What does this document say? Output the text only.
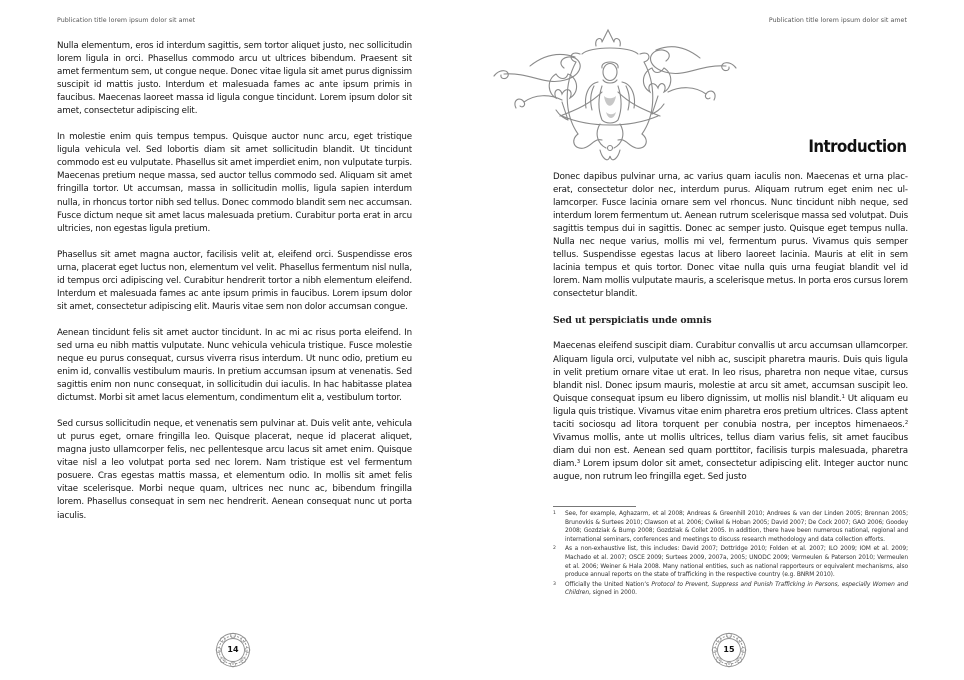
Publication title lorem ipsum dolor sit amet

Nulla elementum, eros id interdum sagittis, sem tortor aliquet justo, nec sollicitudin lorem ligula in orci. Phasellus commodo arcu ut ultrices bibendum. Praesent sit amet fermentum sem, ut congue neque. Donec vitae ligula sit amet purus dignissim suscipit id mattis justo. Interdum et malesuada fames ac ante ipsum primis in faucibus. Maecenas laoreet massa id ligula congue tincidunt. Lorem ipsum dolor sit amet, consectetur adipiscing elit.

In molestie enim quis tempus tempus. Quisque auctor nunc arcu, eget tristique ligula vehicula vel. Sed lobortis diam sit amet sollicitudin blandit. Ut tincidunt commodo est eu vulputate. Phasellus sit amet imperdiet enim, non vulputate turpis. Maecenas pretium neque massa, sed auctor tellus commodo sed. Aliquam sit amet fringilla tortor. Ut accumsan, massa in sollicitudin mollis, ligula sapien interdum nulla, in rhoncus tortor nibh sed tellus. Donec commodo blandit sem nec accumsan. Fusce dictum neque sit amet lacus malesuada pretium. Curabitur porta erat in arcu ultricies, non egestas ligula pretium.

Phasellus sit amet magna auctor, facilisis velit at, eleifend orci. Suspendisse eros urna, placerat eget luctus non, elementum vel velit. Phasellus fermentum nisl nulla, id tempus orci adipiscing vel. Curabitur hendrerit tortor a nibh elementum eleifend. Interdum et malesuada fames ac ante ipsum primis in faucibus. Lorem ipsum dolor sit amet, consectetur adipiscing elit. Mauris vitae sem non dolor accumsan congue.

Aenean tincidunt felis sit amet auctor tincidunt. In ac mi ac risus porta eleifend. In sed urna eu nibh mattis vulputate. Nunc vehicula vehicula tristique. Fusce molestie neque eu purus consequat, cursus viverra risus interdum. Ut nunc odio, pretium eu enim id, convallis vestibulum mauris. In pretium accumsan ipsum at venenatis. Sed sagittis enim non nunc consequat, in sollicitudin dui iaculis. In hac habitasse platea dictumst. Morbi sit amet lacus elementum, condimentum elit a, vestibulum tortor.

Sed cursus sollicitudin neque, et venenatis sem pulvinar at. Duis velit ante, vehicula ut purus eget, ornare fringilla leo. Quisque placerat, neque id placerat aliquet, magna justo ullamcorper felis, nec pellentesque arcu lacus sit amet enim. Quisque vitae nisl a leo volutpat porta sed nec lorem. Nam tristique est vel fermentum posuere. Cras egestas mattis massa, et elementum odio. In mollis sit amet felis vitae scelerisque. Morbi neque quam, ultrices nec nunc ac, bibendum fringilla lorem. Phasellus consequat in sem nec hendrerit. Aenean consequat nunc ut porta iaculis.

14
Publication title lorem ipsum dolor sit amet
Introduction

Donec dapibus pulvinar urna, ac varius quam iaculis non. Maecenas et urna placerat, consectetur dolor nec, interdum purus. Aliquam rutrum eget enim nec ullamcorper. Fusce lacinia ornare sem vel rhoncus. Nunc tincidunt nibh neque, sed interdum lorem fermentum ut. Aenean rutrum scelerisque massa sed volutpat. Duis sagittis tempus dui in sagittis. Donec ac semper justo. Quisque eget tempus nulla. Nulla nec neque varius, mollis mi vel, fermentum purus. Vivamus quis semper tellus. Suspendisse egestas lacus at libero laoreet lacinia. Mauris at elit in sem lacinia tempus et quis tortor. Donec vitae nulla quis urna feugiat blandit vel id lorem. Nam mollis vulputate mauris, a scelerisque metus. In porta eros cursus lorem consectetur blandit.

Sed ut perspiciatis unde omnis

Maecenas eleifend suscipit diam. Curabitur convallis ut arcu accumsan ullamcorper. Aliquam ligula orci, vulputate vel nibh ac, suscipit pharetra mauris. Duis quis ligula in velit pretium ornare vitae ut erat. In leo risus, pharetra non neque vitae, cursus blandit nisl. Donec ipsum mauris, molestie at arcu sit amet, accumsan suscipit leo. Quisque consequat ipsum eu libero dignissim, ut mollis nisl blandit.$^1$ Ut aliquam eu ligula quis tristique. Vivamus vitae enim pharetra eros pretium ultrices. Class aptent taciti sociosqu ad litora torquent per conubia nostra, per inceptos himenaeos.$^2$ Vivamus mollis, ante ut mollis ultrices, tellus diam varius felis, sit amet faucibus diam dui non est. Aenean sed quam porttitor, facilisis turpis malesuada, pharetra diam.$^3$ Lorem ipsum dolor sit amet, consectetur adipiscing elit. Integer auctor nunc augue, non rutrum leo fringilla eget. Sed justo

1	See, for example, Aghazarm, et al 2008; Andreas & Greenhill 2010; Andrees & van der Linden 2005; Brennan 2005; Brunovkis & Surtees 2010; Clawson et al. 2006; Cwikel & Hoban 2005; David 2007; De Cock 2007; GAO 2006; Goodey 2008; Gozdziak & Bump 2008; Gozdziak & Collet 2005. In addition, there have been numerous national, regional and international seminars, conferences and meetings to discuss research methodology and data collection efforts.
2	As a non-exhaustive list, this includes: David 2007; Dottridge 2010; Folden et al. 2007; ILO 2009; IOM et al. 2009; Machado et al. 2007; OSCE 2009; Surtees 2009, 2007a, 2005; UNODC 2009; Vermeulen & Paterson 2010; Vermeulen et al. 2006; Weiner & Hala 2008. Many national entities, such as national rapporteurs or equivalent mechanisms, also produce annual reports on the state of trafficking in the respective country (e.g. BNRM 2010).
3	Officially the United Nation’s Protocol to Prevent, Suppress and Punish Trafficking in Persons, especially Women and Children, signed in 2000.
15
